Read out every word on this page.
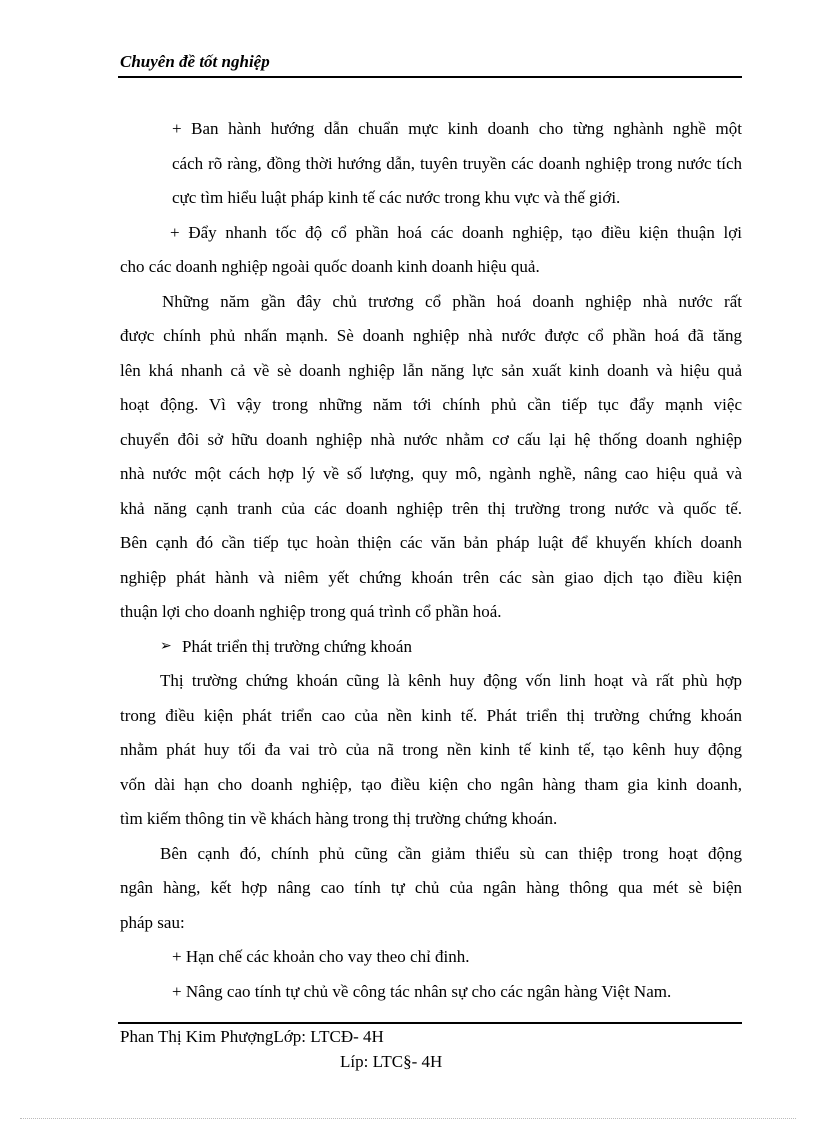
Chuyên đề tốt nghiệp
+ Ban hành hướng dẫn chuẩn mực kinh doanh cho từng nghành nghề một
cách rõ ràng, đồng thời hướng dẫn, tuyên truyền các doanh nghiệp trong nước tích
cực tìm hiểu luật pháp kinh tế các nước trong khu vực và thế giới.
+ Đẩy nhanh tốc độ cổ phần hoá các doanh nghiệp, tạo điều kiện thuận lợi
cho các doanh nghiệp ngoài quốc doanh kinh doanh hiệu quả.
Những năm gần đây chủ trương cổ phần hoá doanh nghiệp nhà nước rất
được chính phủ nhấn mạnh. Sè doanh nghiệp nhà nước được cổ phần hoá đã tăng
lên khá nhanh cả về sè doanh nghiệp lẫn năng lực sản xuất kinh doanh và hiệu quả
hoạt động. Vì vậy trong những năm tới chính phủ cần tiếp tục đẩy mạnh việc
chuyển đôi sở hữu doanh nghiệp nhà nước nhằm cơ cấu lại hệ thống doanh nghiệp
nhà nước một cách hợp lý về số lượng, quy mô, ngành nghề, nâng cao hiệu quả và
khả năng cạnh tranh của các doanh nghiệp trên thị trường trong nước và quốc tế.
Bên cạnh đó cần tiếp tục hoàn thiện các văn bản pháp luật để khuyến khích doanh
nghiệp phát hành và niêm yết chứng khoán trên các sàn giao dịch tạo điều kiện
thuận lợi cho doanh nghiệp trong quá trình cổ phần hoá.
➢ Phát triển thị trường chứng khoán
Thị trường chứng khoán cũng là kênh huy động vốn linh hoạt và rất phù hợp
trong điều kiện phát triển cao của nền kinh tế. Phát triển thị trường chứng khoán
nhằm phát huy tối đa vai trò của nã trong nền kinh tế kinh tế, tạo kênh huy động
vốn dài hạn cho doanh nghiệp, tạo điều kiện cho ngân hàng tham gia kinh doanh,
tìm kiếm thông tin về khách hàng trong thị trường chứng khoán.
Bên cạnh đó, chính phủ cũng cần giảm thiểu sù can thiệp trong hoạt động
ngân hàng, kết hợp nâng cao tính tự chủ của ngân hàng thông qua mét sè biện
pháp sau:
+ Hạn chế các khoản cho vay theo chỉ đinh.
+ Nâng cao tính tự chủ về công tác nhân sự cho các ngân hàng Việt Nam.
Phan Thị Kim PhượngLớp: LTCĐ- 4H
Líp: LTC§- 4H
